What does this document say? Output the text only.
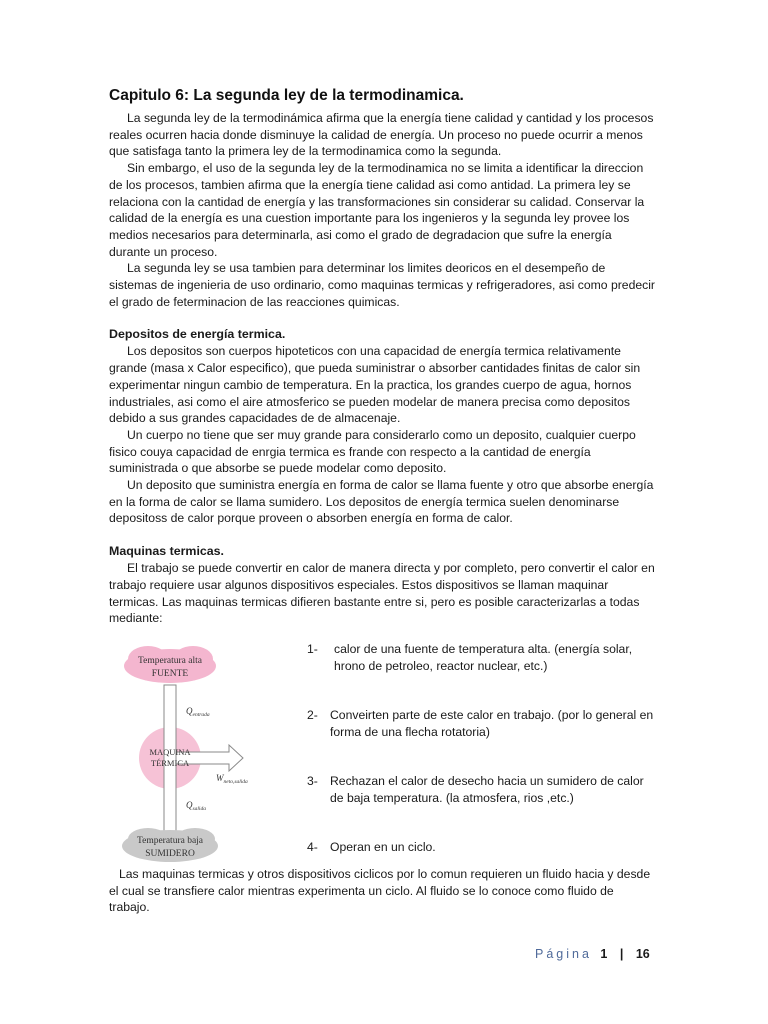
Capitulo 6: La segunda ley de la termodinamica.

La segunda ley de la termodinámica afirma que la energía tiene calidad y cantidad y los procesos reales ocurren hacia donde disminuye la calidad de energía. Un proceso no puede ocurrir a menos que satisfaga tanto la primera ley de la termodinamica como la segunda.

Sin embargo, el uso de la segunda ley de la termodinamica no se limita a identificar la direccion de los procesos, tambien afirma que la energía tiene calidad asi como antidad. La primera ley se relaciona con la cantidad de energía y las transformaciones sin considerar su calidad. Conservar la calidad de la energía es una cuestion importante para los ingenieros y la segunda ley provee los medios necesarios para determinarla, asi como el grado de degradacion que sufre la energía durante un proceso.

La segunda ley se usa tambien para determinar los limites deoricos en el desempeño de sistemas de ingenieria de uso ordinario, como maquinas termicas y refrigeradores, asi como predecir el grado de feterminacion de las reacciones quimicas.

Depositos de energía termica.

Los depositos son cuerpos hipoteticos con una capacidad de energía termica relativamente grande (masa x Calor especifico), que pueda suministrar o absorber cantidades finitas de calor sin experimentar ningun cambio de temperatura. En la practica, los grandes cuerpo de agua, hornos industriales, asi como el aire atmosferico se pueden modelar de manera precisa como depositos debido a sus grandes capacidades de de almacenaje.

Un cuerpo no tiene que ser muy grande para considerarlo como un deposito, cualquier cuerpo fisico couya capacidad de enrgia termica es frande con respecto a la cantidad de energía suministrada o que absorbe se puede modelar como deposito.

Un deposito que suministra energía en forma de calor se llama fuente y otro que absorbe energía en la forma de calor se llama sumidero. Los depositos de energía termica suelen denominarse depositoss de calor porque proveen o absorben energía en forma de calor.

Maquinas termicas.

El trabajo se puede convertir en calor de manera directa y por completo, pero convertir el calor en trabajo requiere usar algunos dispositivos especiales. Estos dispositivos se llaman maquinar termicas. Las maquinas termicas difieren bastante entre si, pero es posible caracterizarlas a todas mediante:

Temperatura alta
FUENTE
MAQUINA
TÉRMICA
$Q_{entrada}$
$W_{neto,salida}$
$Q_{salida}$
Temperatura baja
SUMIDERO
1-	calor de una fuente de temperatura alta. (energía solar, hrono de petroleo, reactor nuclear, etc.)
2- Conveirten parte de este calor en trabajo. (por lo general en forma de una flecha rotatoria)
3- Rechazan el calor de desecho hacia un sumidero de calor de baja temperatura. (la atmosfera, rios ,etc.)
4- Operan en un ciclo.

Las maquinas termicas y otros dispositivos ciclicos por lo comun requieren un fluido hacia y desde el cual se transfiere calor mientras experimenta un ciclo. Al fluido se lo conoce como fluido de trabajo.

Página 1 | 16
